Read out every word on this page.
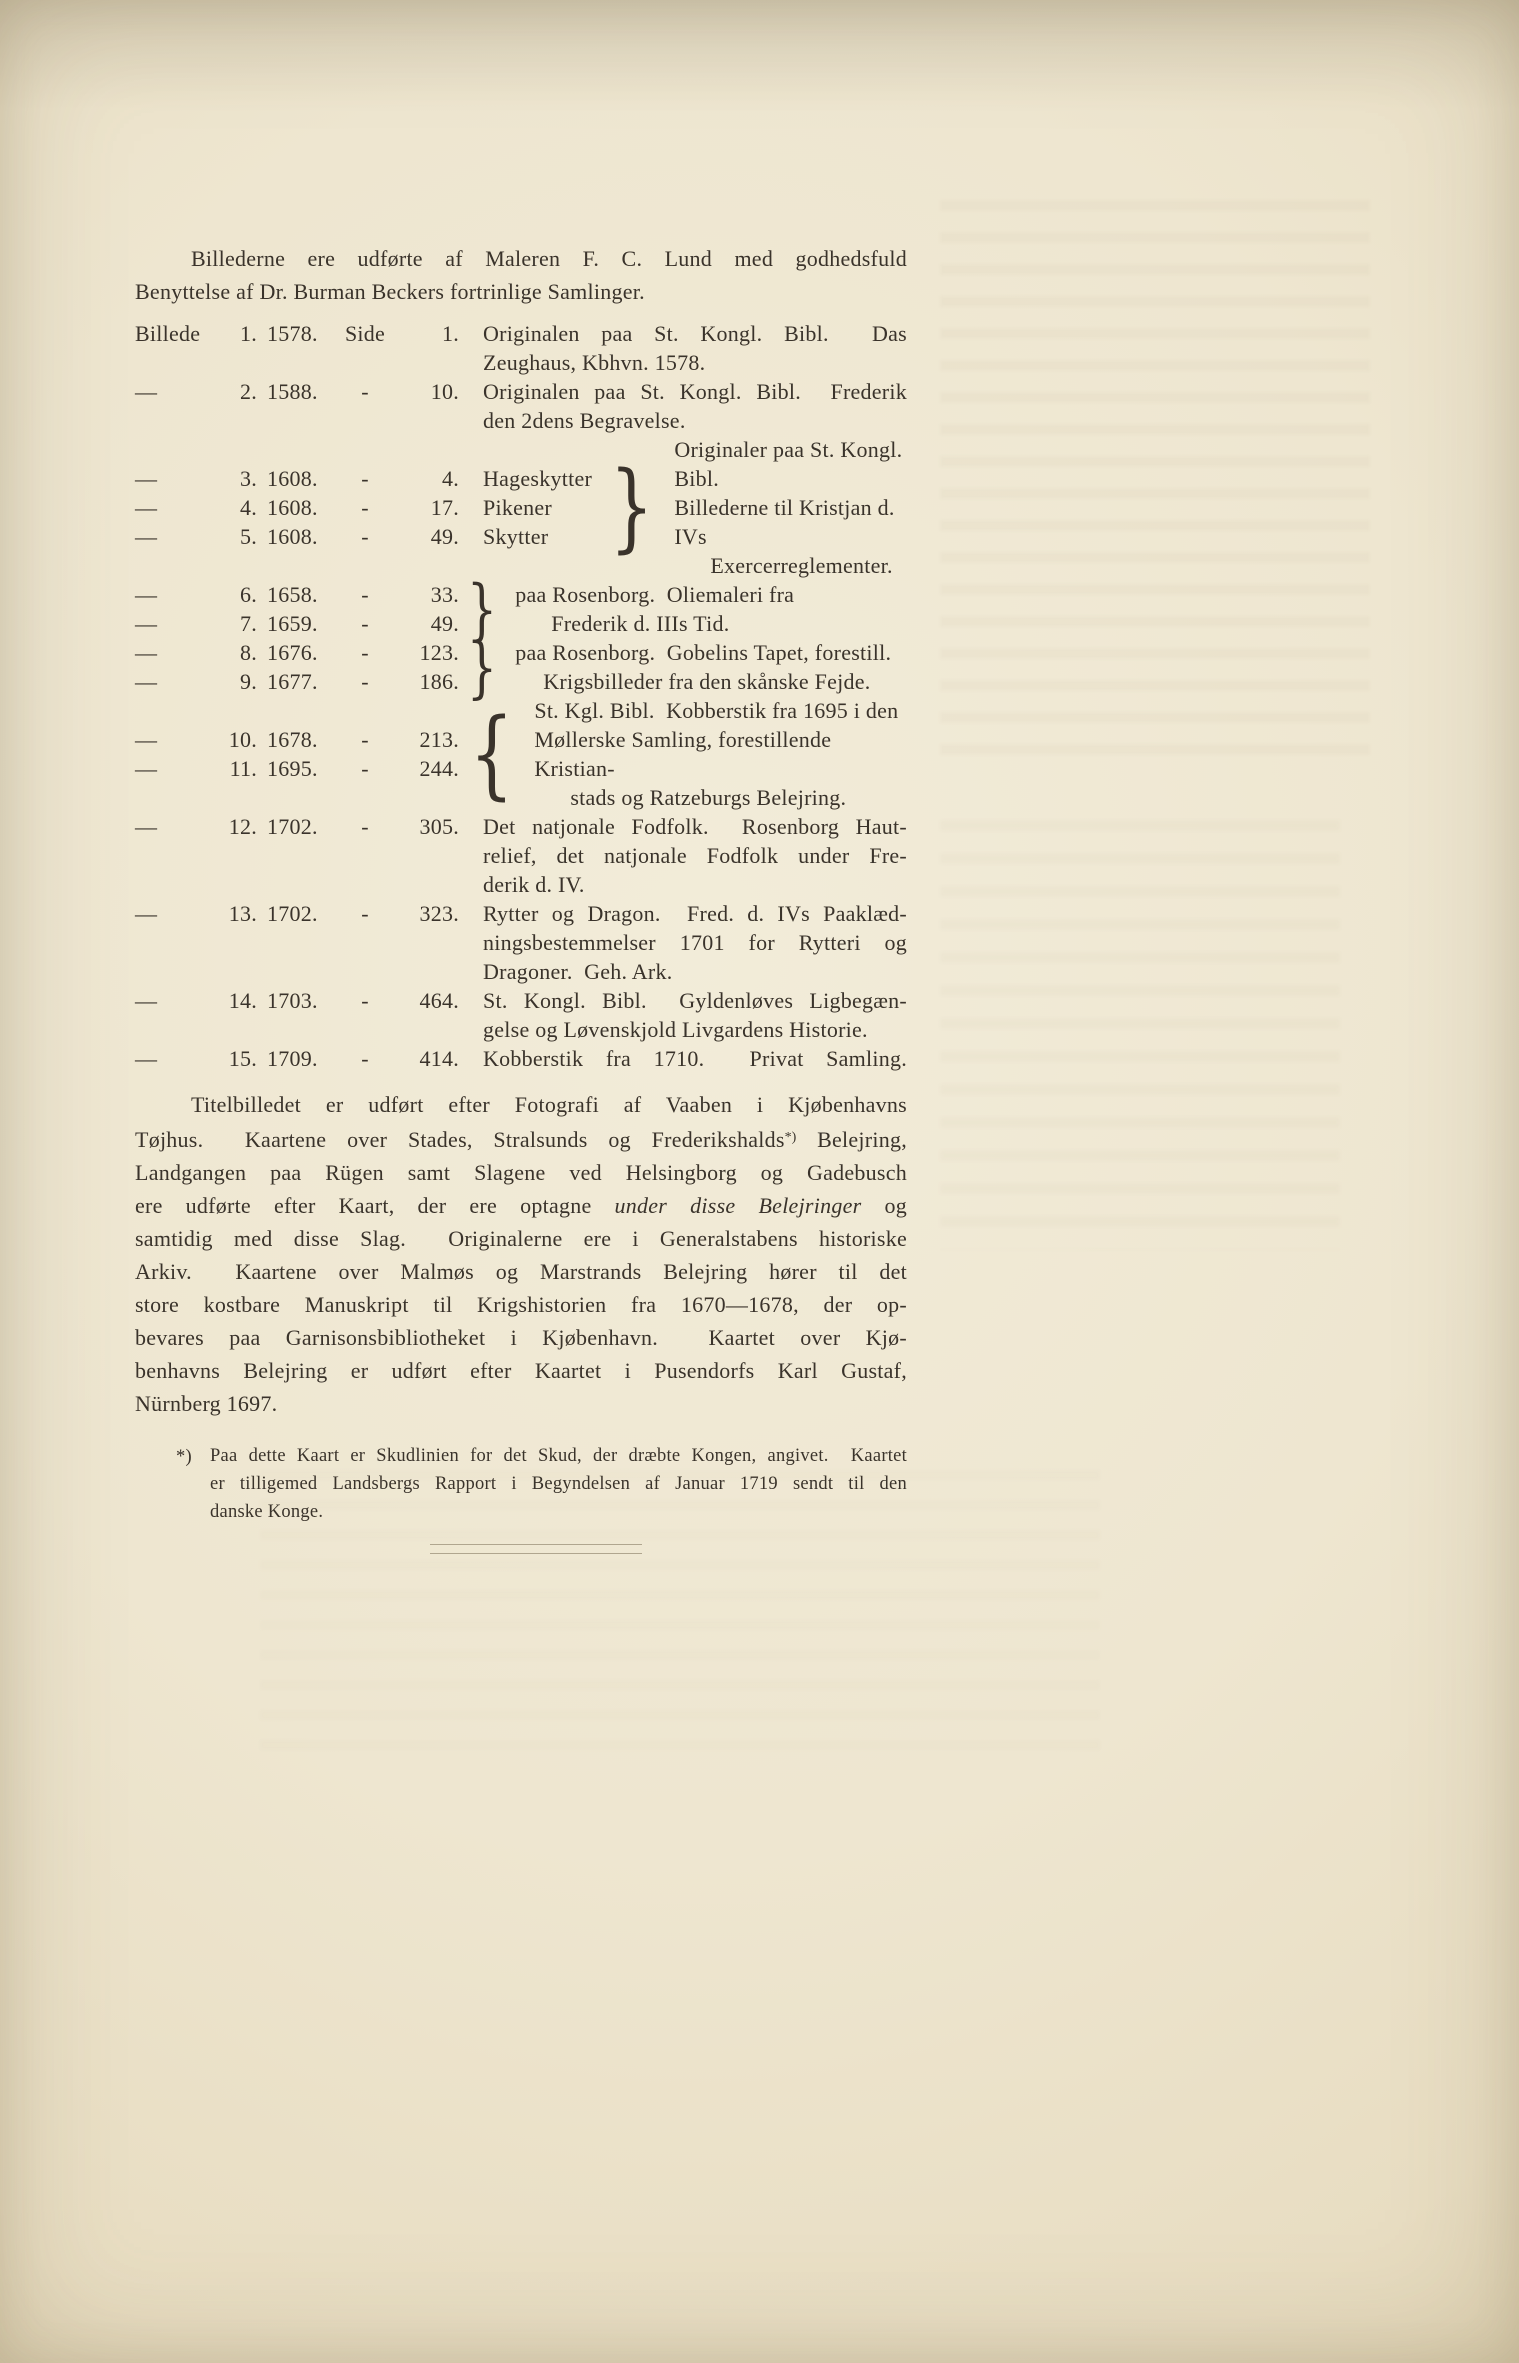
Billederne ere udførte af Maleren F. C. Lund med godhedsfuld
Benyttelse af Dr. Burman Beckers fortrinlige Samlinger.
Billede	1. 1578.	Side	1. Originalen paa St. Kongl. Bibl.  Das
Zeughaus, Kbhvn. 1578.
—	2. 1588.	-	10. Originalen paa St. Kongl. Bibl.  Frederik
den 2dens Begravelse.
—	3. 1608.	-	4.	Hageskytter
—	4. 1608.	-	17.	Pikener
—	5. 1608.	-	49.	Skytter }
Originaler paa St. Kongl. Bibl.
Billederne til Kristjan d. IVs
Exercerreglementer.
—	6. 1658.	-	33.
—	7. 1659.	-	49. } paa Rosenborg.  Oliemaleri fra
Frederik d. IIIs Tid.
—	8. 1676.	-	123.
—	9. 1677.	-	186. } paa Rosenborg.  Gobelins Tapet, forestill.
Krigsbilleder fra den skånske Fejde.
—	10. 1678.	-	213.
—	11. 1695.	-	244. { St. Kgl. Bibl.  Kobberstik fra 1695 i den
Møllerske Samling, forestillende Kristian-
stads og Ratzeburgs Belejring.
—	12. 1702.	-	305. Det natjonale Fodfolk.  Rosenborg Haut-
relief, det natjonale Fodfolk under Fre-
derik d. IV.
—	13. 1702.	-	323. Rytter og Dragon.  Fred. d. IVs Paaklæd-
ningsbestemmelser 1701 for Rytteri og
Dragoner.  Geh. Ark.
—	14. 1703.	-	464. St. Kongl. Bibl.  Gyldenløves Ligbegæn-
gelse og Løvenskjold Livgardens Historie.
—	15. 1709.	-	414. Kobberstik fra 1710.  Privat Samling.
Titelbilledet er udført efter Fotografi af Vaaben i Kjøbenhavns
Tøjhus.  Kaartene over Stades, Stralsunds og Frederikshalds*) Belejring,
Landgangen paa Rügen samt Slagene ved Helsingborg og Gadebusch
ere udførte efter Kaart, der ere optagne under disse Belejringer og
samtidig med disse Slag.  Originalerne ere i Generalstabens historiske
Arkiv.  Kaartene over Malmøs og Marstrands Belejring hører til det
store kostbare Manuskript til Krigshistorien fra 1670—1678, der op-
bevares paa Garnisonsbibliotheket i Kjøbenhavn.  Kaartet over Kjø-
benhavns Belejring er udført efter Kaartet i Pusendorfs Karl Gustaf,
Nürnberg 1697.
*) Paa dette Kaart er Skudlinien for det Skud, der dræbte Kongen, angivet.  Kaartet
er tilligemed Landsbergs Rapport i Begyndelsen af Januar 1719 sendt til den
danske Konge.
